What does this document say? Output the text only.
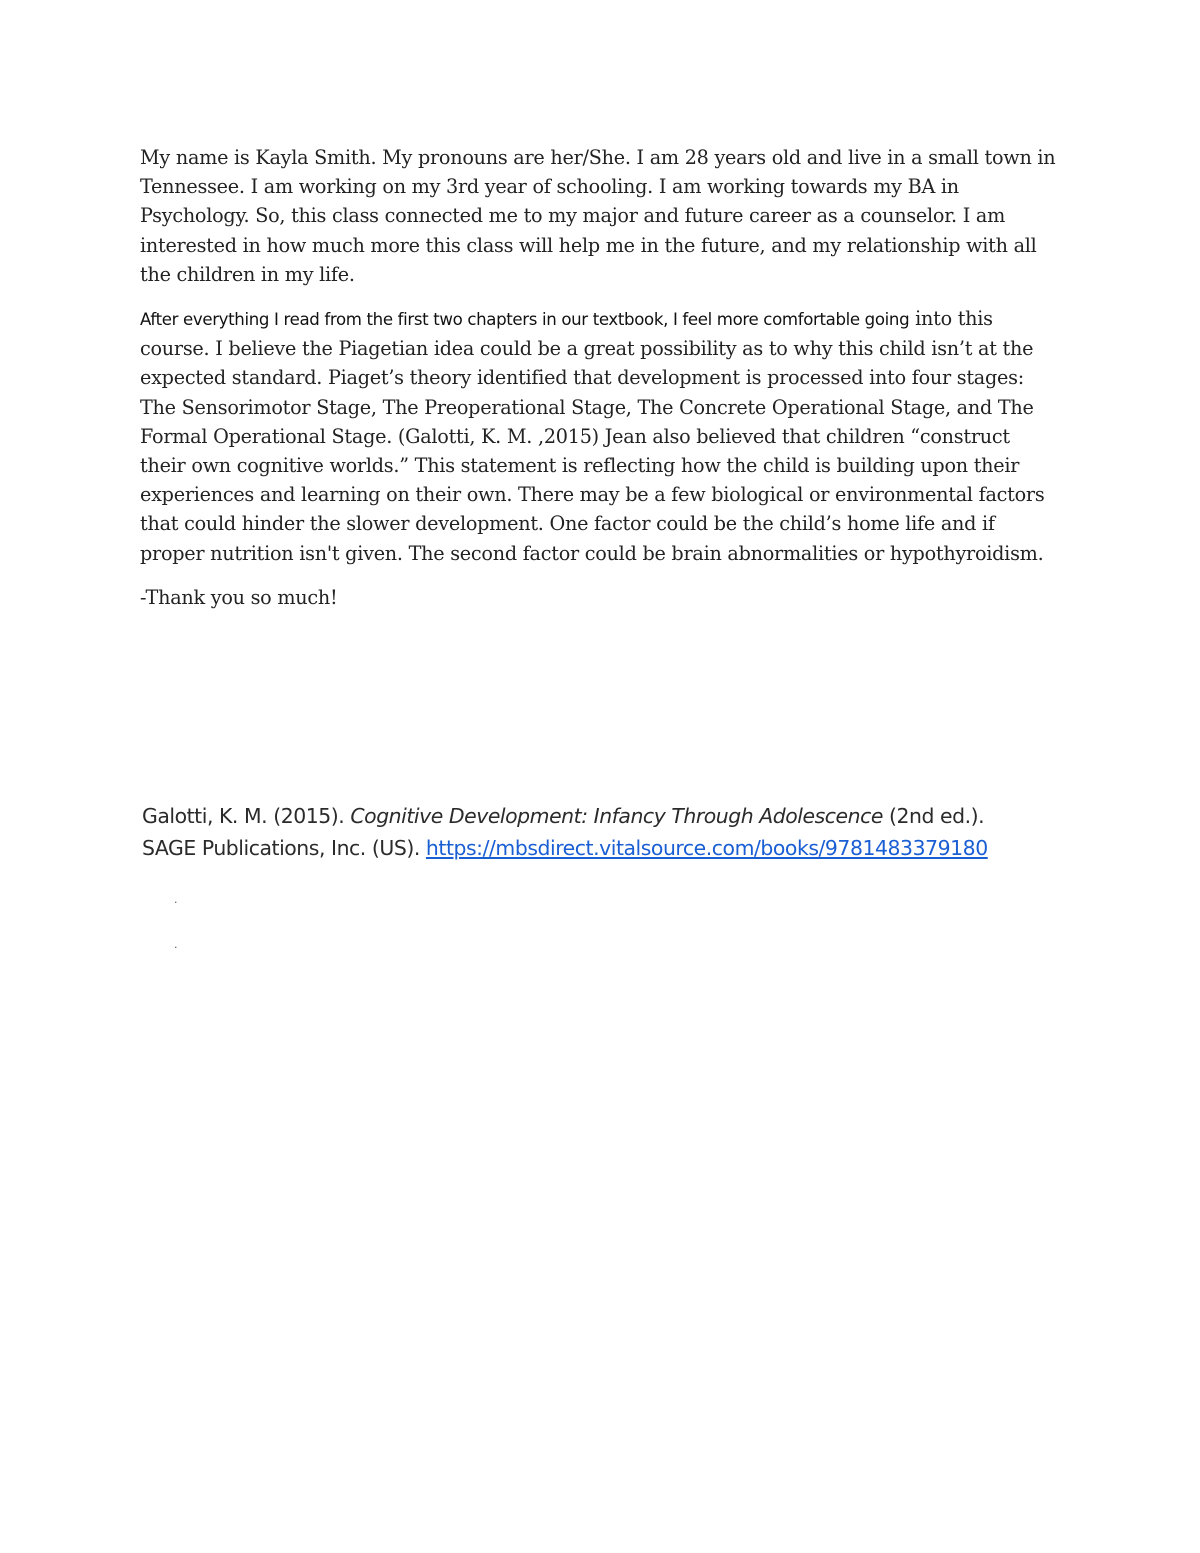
My name is Kayla Smith. My pronouns are her/She. I am 28 years old and live in a small town in Tennessee. I am working on my 3rd year of schooling. I am working towards my BA in Psychology. So, this class connected me to my major and future career as a counselor. I am interested in how much more this class will help me in the future, and my relationship with all the children in my life.

After everything I read from the first two chapters in our textbook, I feel more comfortable going into this course. I believe the Piagetian idea could be a great possibility as to why this child isn’t at the expected standard. Piaget’s theory identified that development is processed into four stages: The Sensorimotor Stage, The Preoperational Stage, The Concrete Operational Stage, and The Formal Operational Stage. (Galotti, K. M. ,2015) Jean also believed that children “construct their own cognitive worlds.” This statement is reflecting how the child is building upon their experiences and learning on their own. There may be a few biological or environmental factors that could hinder the slower development. One factor could be the child’s home life and if proper nutrition isn't given. The second factor could be brain abnormalities or hypothyroidism.

-Thank you so much!

Galotti, K. M. (2015). Cognitive Development: Infancy Through Adolescence (2nd ed.).
SAGE Publications, Inc. (US). https://mbsdirect.vitalsource.com/books/9781483379180

.
.
